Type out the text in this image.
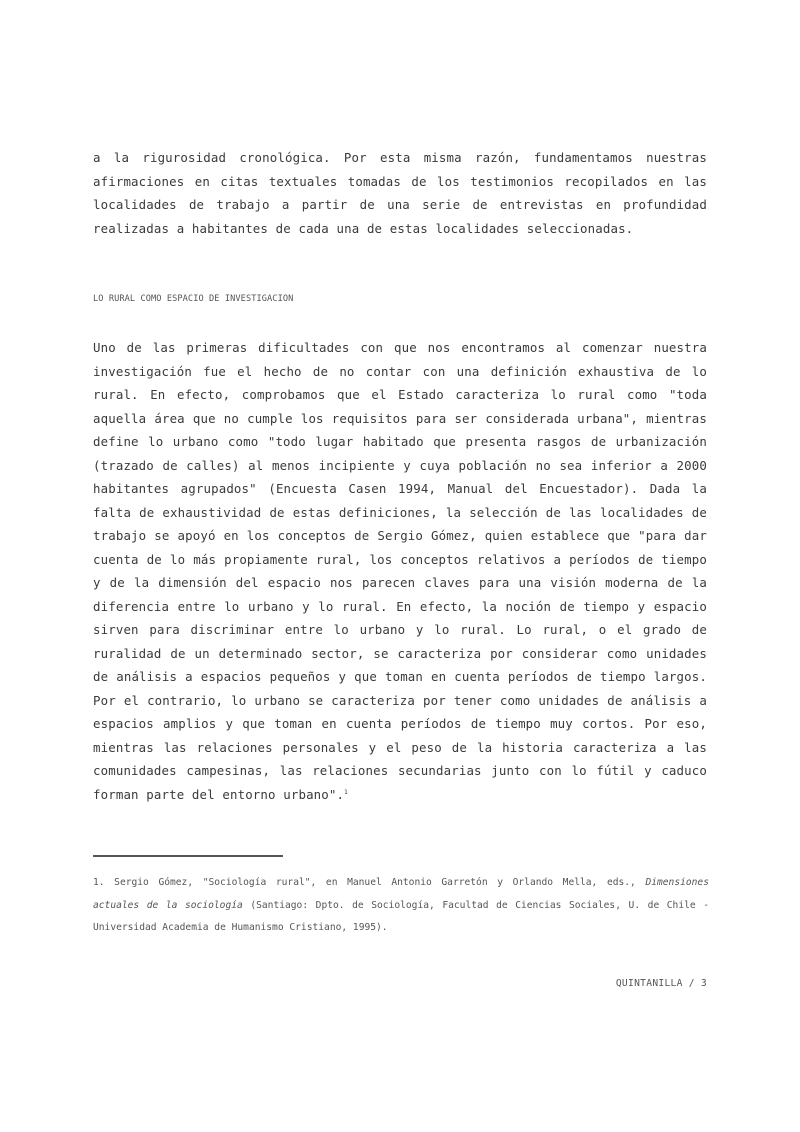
a la rigurosidad cronológica. Por esta misma razón, fundamentamos nuestras afirmaciones en citas textuales tomadas de los testimonios recopilados en las localidades de trabajo a partir de una serie de entrevistas en profundidad realizadas a habitantes de cada una de estas localidades seleccionadas.

LO RURAL COMO ESPACIO DE INVESTIGACION

Uno de las primeras dificultades con que nos encontramos al comenzar nuestra investigación fue el hecho de no contar con una definición exhaustiva de lo rural. En efecto, comprobamos que el Estado caracteriza lo rural como "toda aquella área que no cumple los requisitos para ser considerada urbana", mientras define lo urbano como "todo lugar habitado que presenta rasgos de urbanización (trazado de calles) al menos incipiente y cuya población no sea inferior a 2000 habitantes agrupados" (Encuesta Casen 1994, Manual del Encuestador). Dada la falta de exhaustividad de estas definiciones, la selección de las localidades de trabajo se apoyó en los conceptos de Sergio Gómez, quien establece que "para dar cuenta de lo más propiamente rural, los conceptos relativos a períodos de tiempo y de la dimensión del espacio nos parecen claves para una visión moderna de la diferencia entre lo urbano y lo rural. En efecto, la noción de tiempo y espacio sirven para discriminar entre lo urbano y lo rural. Lo rural, o el grado de ruralidad de un determinado sector, se caracteriza por considerar como unidades de análisis a espacios pequeños y que toman en cuenta períodos de tiempo largos. Por el contrario, lo urbano se caracteriza por tener como unidades de análisis a espacios amplios y que toman en cuenta períodos de tiempo muy cortos. Por eso, mientras las relaciones personales y el peso de la historia caracteriza a las comunidades campesinas, las relaciones secundarias junto con lo fútil y caduco forman parte del entorno urbano".$^1$

1. Sergio Gómez, "Sociología rural", en Manuel Antonio Garretón y Orlando Mella, eds., Dimensiones actuales de la sociología (Santiago: Dpto. de Sociología, Facultad de Ciencias Sociales, U. de Chile - Universidad Academia de Humanismo Cristiano, 1995).

QUINTANILLA / 3
